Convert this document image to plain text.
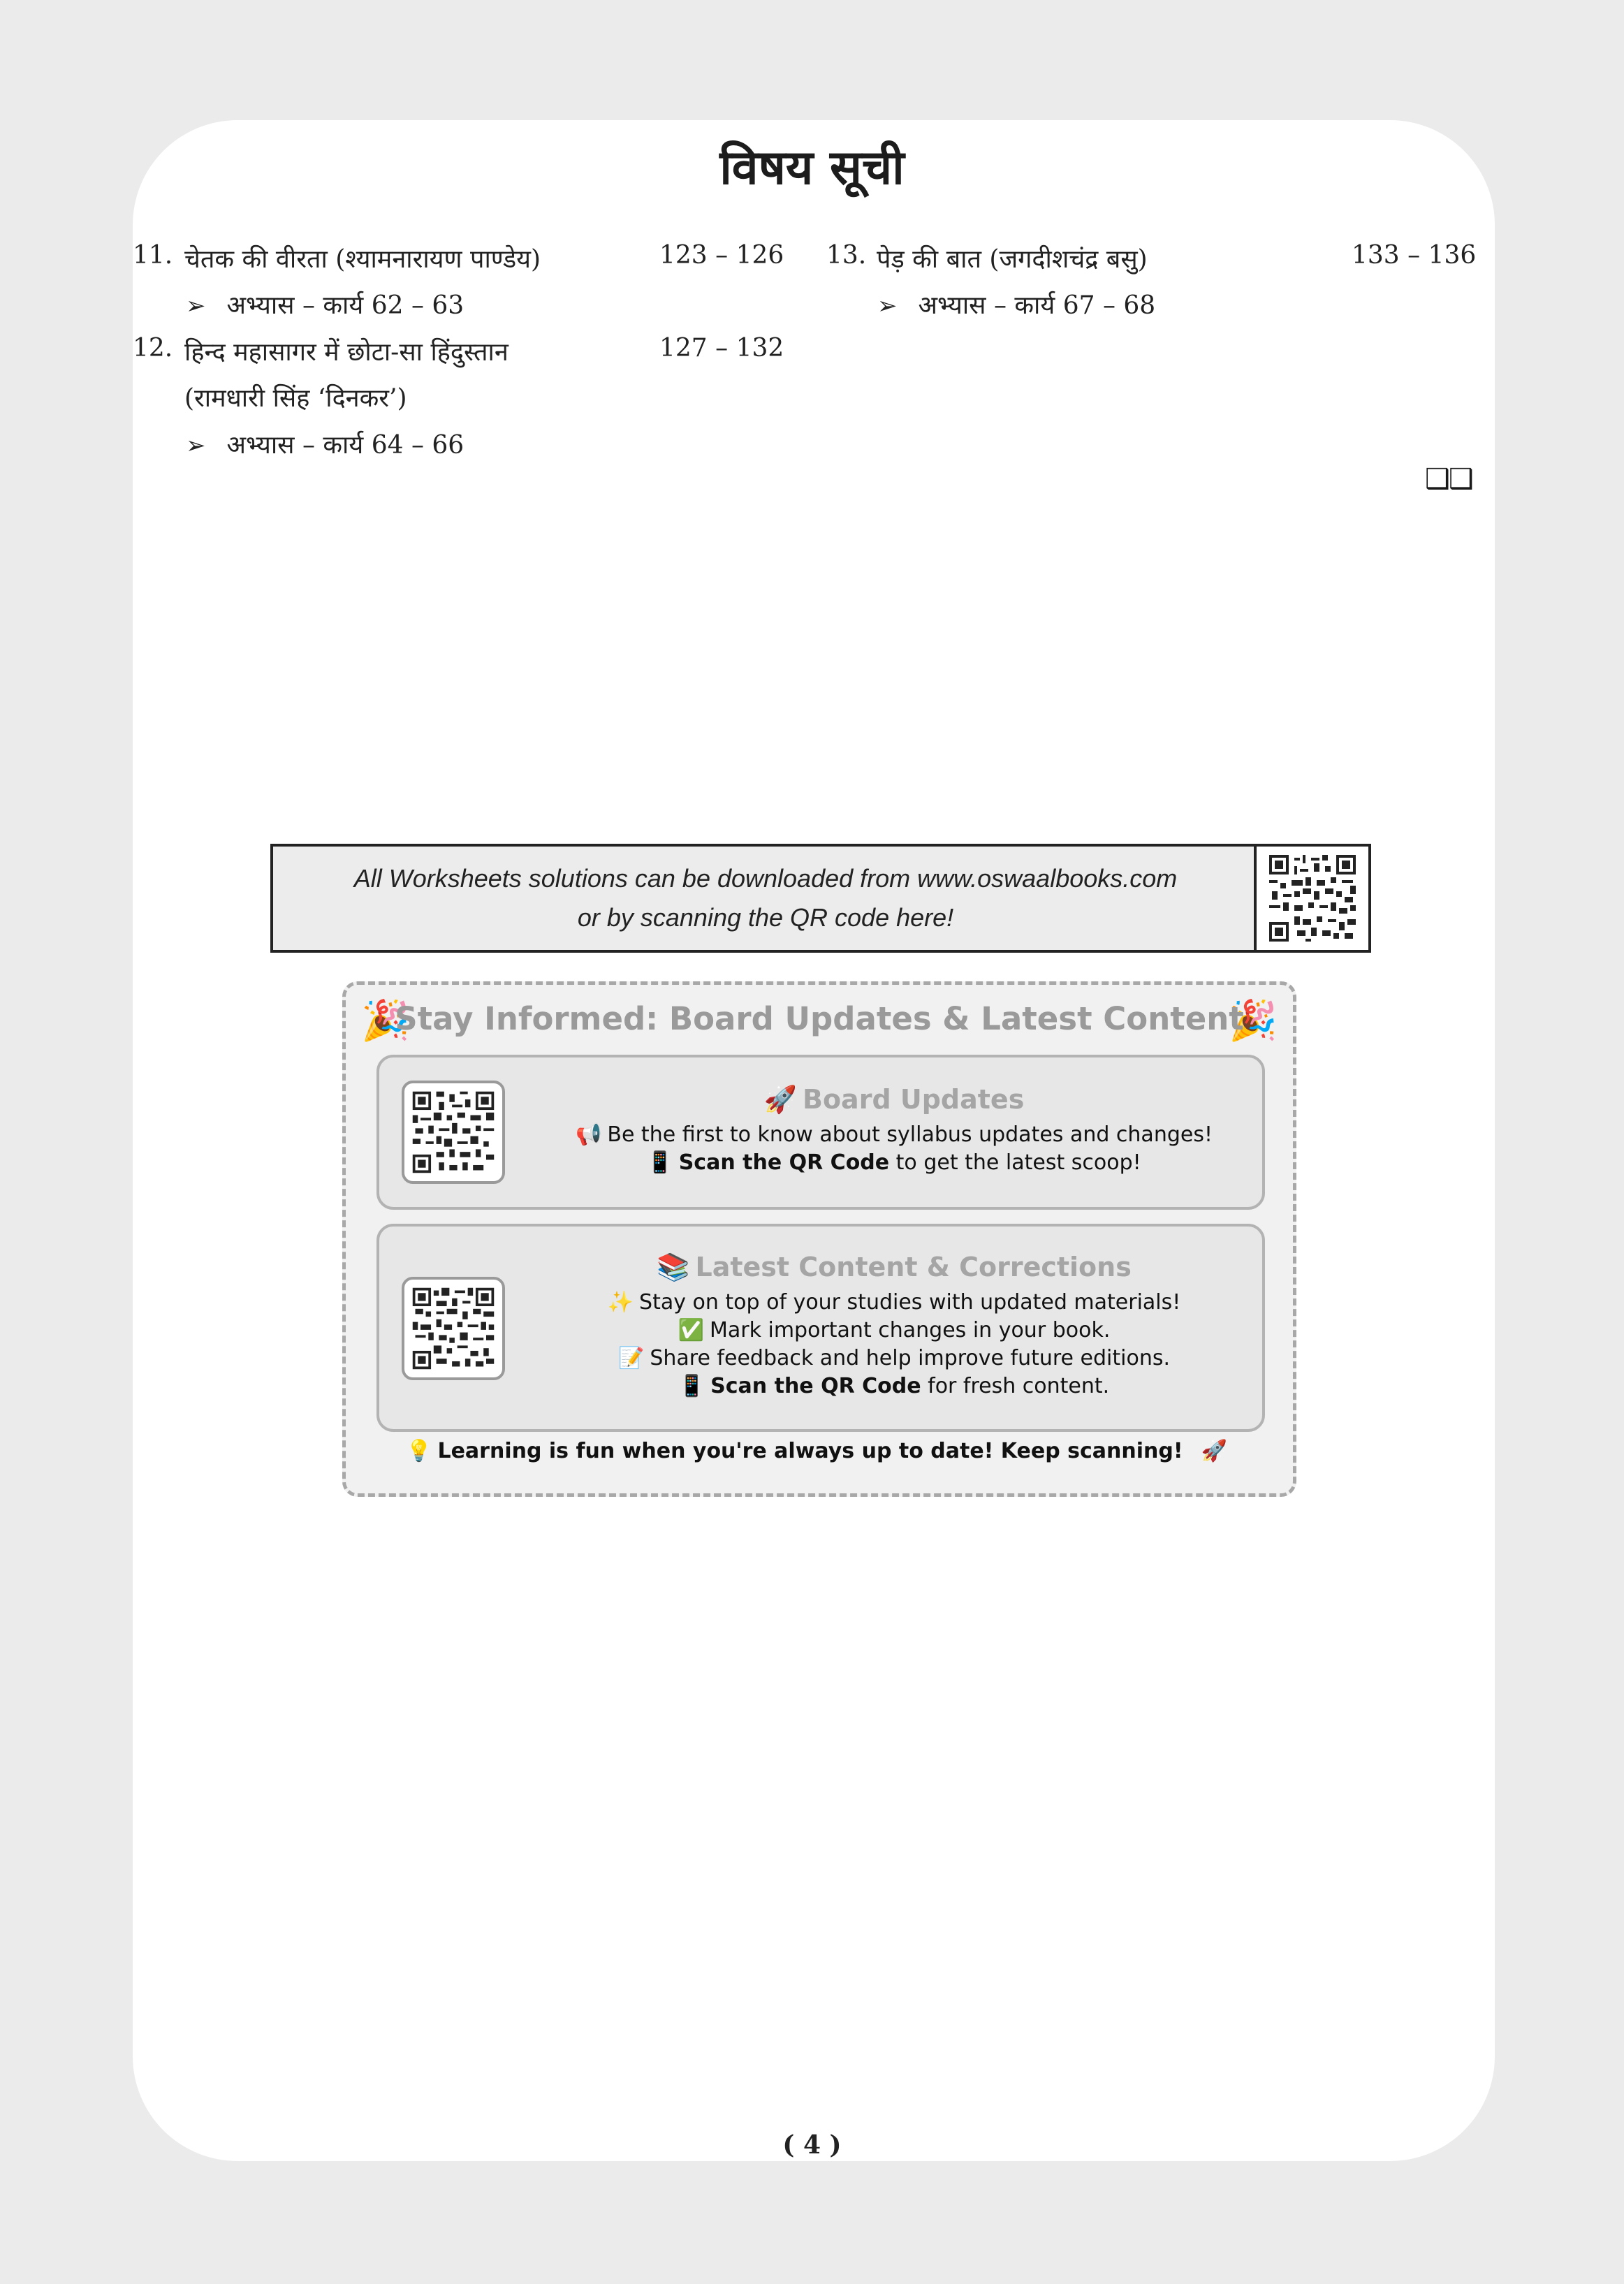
विषय सूची
11. चेतक की वीरता (श्यामनारायण पाण्डेय)	123 – 126
➢ अभ्यास – कार्य 62 – 63
12. हिन्द महासागर में छोटा-सा हिंदुस्तान	127 – 132
(रामधारी सिंह ‘दिनकर’)
➢ अभ्यास – कार्य 64 – 66
13. पेड़ की बात (जगदीशचंद्र बसु)	133 – 136
➢ अभ्यास – कार्य 67 – 68
❑❑
All Worksheets solutions can be downloaded from www.oswaalbooks.com
or by scanning the QR code here!
🎉	🎉
Stay Informed: Board Updates & Latest Content
🚀 Board Updates
📢 Be the first to know about syllabus updates and changes!
📱 Scan the QR Code to get the latest scoop!
📚 Latest Content & Corrections
✨ Stay on top of your studies with updated materials!
✅ Mark important changes in your book.
📝 Share feedback and help improve future editions.
📱 Scan the QR Code for fresh content.
💡 Learning is fun when you're always up to date! Keep scanning! 🚀
( 4 )
